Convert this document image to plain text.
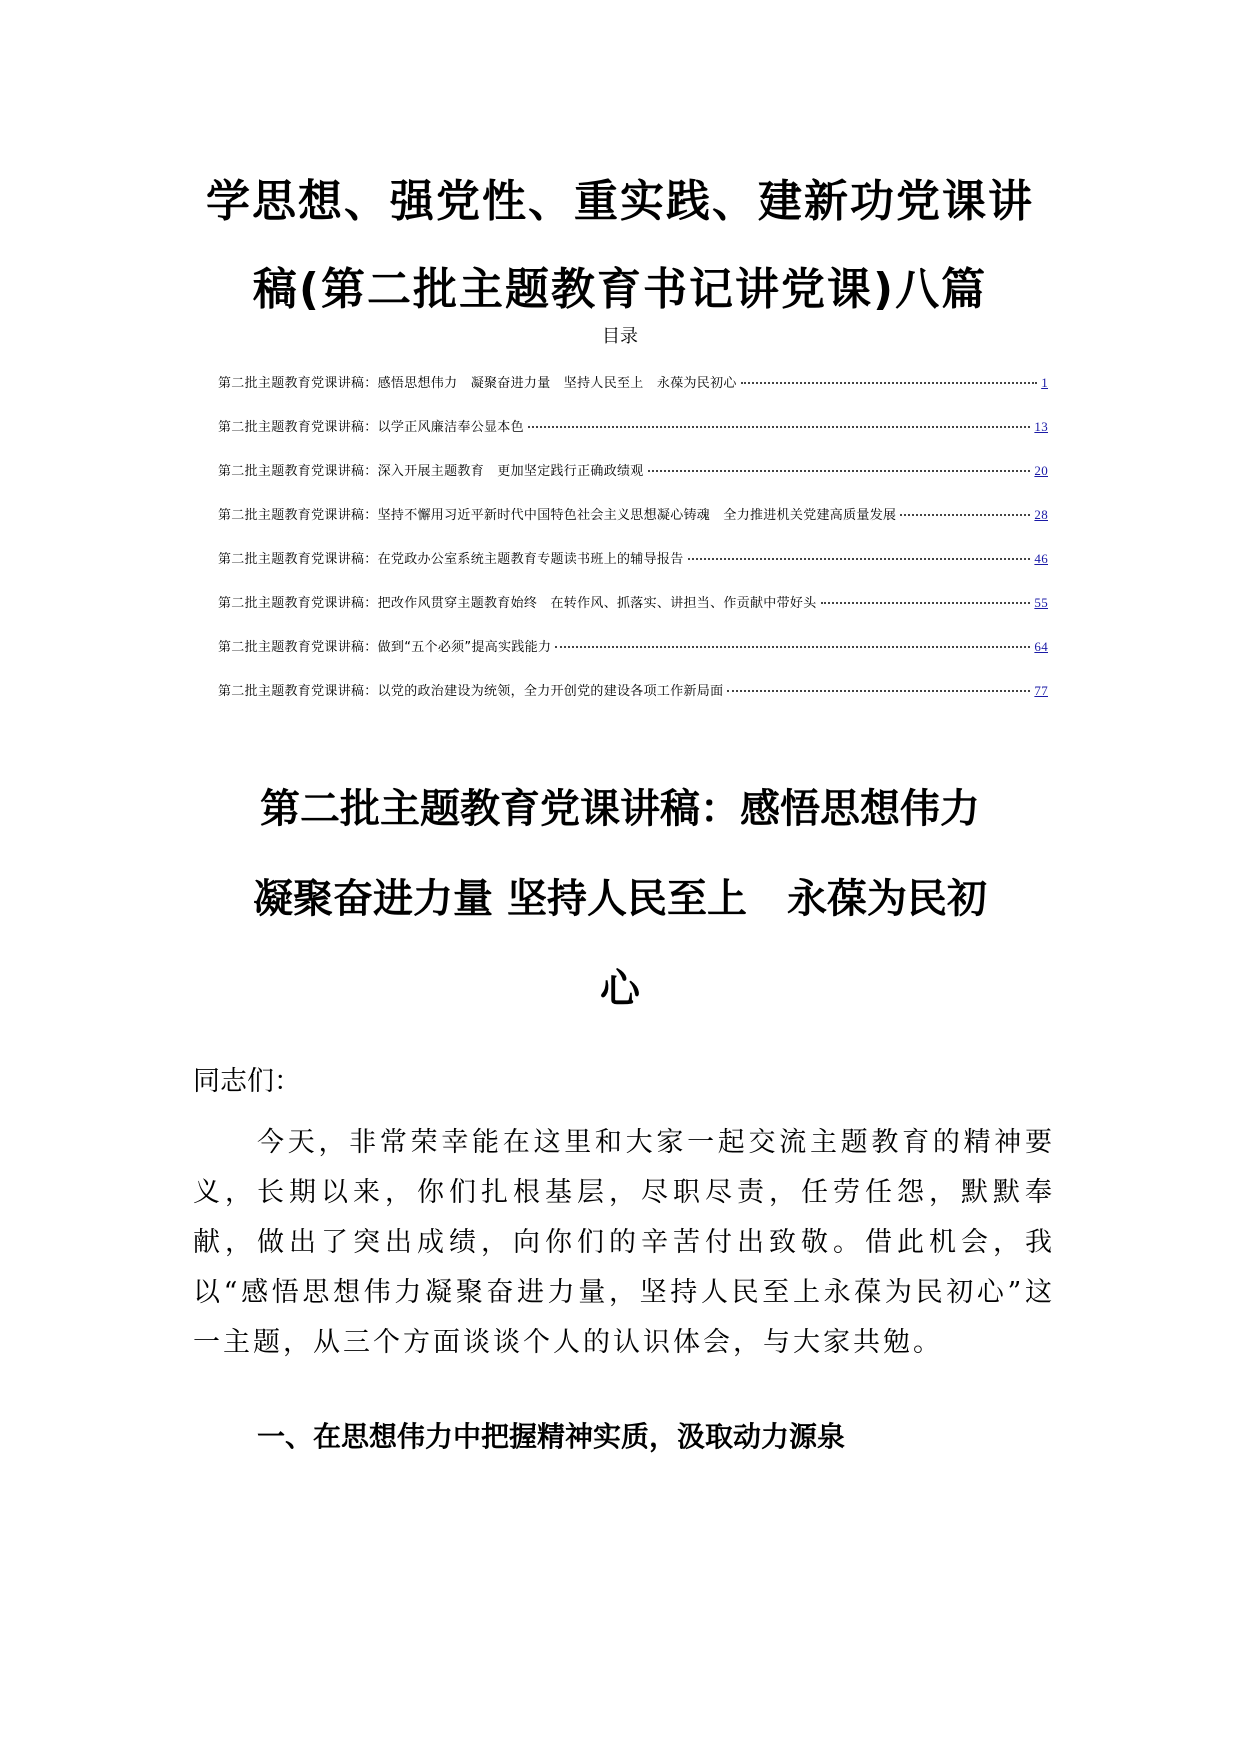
学思想、强党性、重实践、建新功党课讲
稿(第二批主题教育书记讲党课)八篇
目录
第二批主题教育党课讲稿：感悟思想伟力　凝聚奋进力量　坚持人民至上　永葆为民初心	1
第二批主题教育党课讲稿：以学正风廉洁奉公显本色	13
第二批主题教育党课讲稿：深入开展主题教育　更加坚定践行正确政绩观	20
第二批主题教育党课讲稿：坚持不懈用习近平新时代中国特色社会主义思想凝心铸魂　全力推进机关党建高质量发展	28
第二批主题教育党课讲稿：在党政办公室系统主题教育专题读书班上的辅导报告	46
第二批主题教育党课讲稿：把改作风贯穿主题教育始终　在转作风、抓落实、讲担当、作贡献中带好头	55
第二批主题教育党课讲稿：做到“五个必须”提高实践能力	64
第二批主题教育党课讲稿：以党的政治建设为统领，全力开创党的建设各项工作新局面	77
第二批主题教育党课讲稿：感悟思想伟力
凝聚奋进力量 坚持人民至上　永葆为民初
心
同志们：

今天，非常荣幸能在这里和大家一起交流主题教育的精神要义，长期以来，你们扎根基层，尽职尽责，任劳任怨，默默奉献，做出了突出成绩，向你们的辛苦付出致敬。借此机会，我以“感悟思想伟力凝聚奋进力量，坚持人民至上永葆为民初心”这一主题，从三个方面谈谈个人的认识体会，与大家共勉。

一、在思想伟力中把握精神实质，汲取动力源泉
